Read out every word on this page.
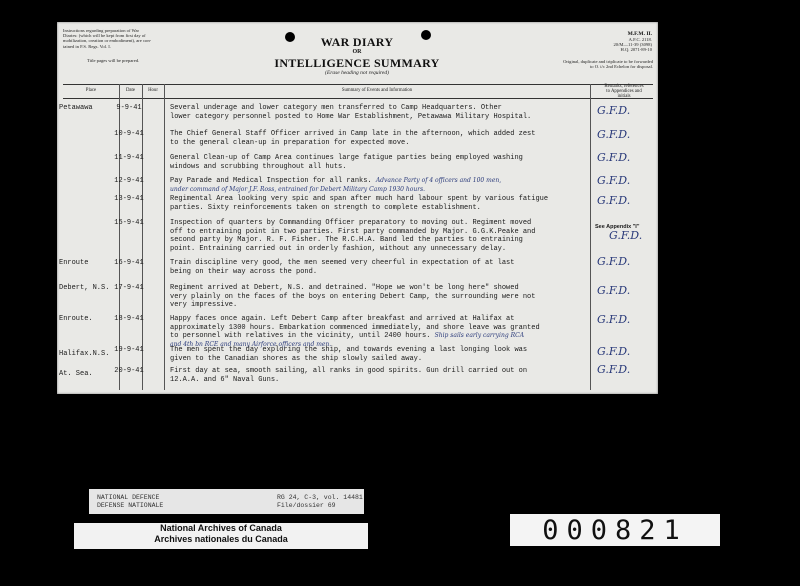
Instructions regarding preparation of War
Diaries: (which will be kept from first day of
mobilization, creation or embodiment), are con-
tained in F.S. Regs. Vol. I.
Title pages will be prepared.
WAR DIARY
OR
INTELLIGENCE SUMMARY
(Erase heading not required)
M.F.M. II.
A.F.C. 2118.
20/M—11-39 (3098)
H.Q. 2071-89-10
Original, duplicate and triplicate to be forwarded
to O. i/c 2nd Echelon for disposal.
Place	Date	Hour	Summary of Events and Information
Remarks, references
to Appendices and
initials
Petawawa	9-9-41	Several underage and lower category men transferred to Camp Headquarters. Other
lower category personnel posted to Home War Establishment, Petawawa Military Hospital.	G.F.D.
10-9-41	The Chief General Staff Officer arrived in Camp late in the afternoon, which added zest
to the general clean-up in preparation for expected move.
G.F.D.
11-9-41	General Clean-up of Camp Area continues large fatigue parties being employed washing
windows and scrubbing throughout all huts.
G.F.D.
12-9-41	Pay Parade and Medical Inspection for all ranks. Advance Party of 4 officers and 100 men,
under command of Major J.F. Ross, entrained for Debert Military Camp 1930 hours.
G.F.D.
13-9-41	Regimental Area looking very spic and span after much hard labour spent by various fatigue
parties. Sixty reinforcements taken on strength to complete establishment.
G.F.D.
15-9-41	Inspection of quarters by Commanding Officer preparatory to moving out. Regiment moved
off to entraining point in two parties. First party commanded by Major. G.G.K.Peake and
second party by Major. R. F. Fisher. The R.C.H.A. Band led the parties to entraining
point. Entraining carried out in orderly fashion, without any unnecessary delay.
See Appendix "I"
G.F.D.
Enroute	16-9-41	Train discipline very good, the men seemed very cheerful in expectation of at last
being on their way across the pond.
G.F.D.
Debert, N.S. 17-9-41	Regiment arrived at Debert, N.S. and detrained. "Hope we won't be long here" showed
very plainly on the faces of the boys on entering Debert Camp, the surrounding were not
very impressive.
G.F.D.
Enroute.	18-9-41	Happy faces once again. Left Debert Camp after breakfast and arrived at Halifax at
approximately 1300 hours. Embarkation commenced immediately, and shore leave was granted
to personnel with relatives in the vicinity, until 2400 hours. Ship sails early carrying RCA
and 4th bn RCE and many Airforce officers and men.
G.F.D.
Halifax.N.S. 19-9-41	The men spent the day exploring the ship, and towards evening a last longing look was
given to the Canadian shores as the ship slowly sailed away.
G.F.D.
At. Sea.	20-9-41	First day at sea, smooth sailing, all ranks in good spirits. Gun drill carried out on
12.A.A. and 6" Naval Guns.
G.F.D.
NATIONAL DEFENCE
DEFENSE NATIONALE
RG 24, C-3, vol. 14481
File/dossier 69
National Archives of Canada
Archives nationales du Canada	000821
